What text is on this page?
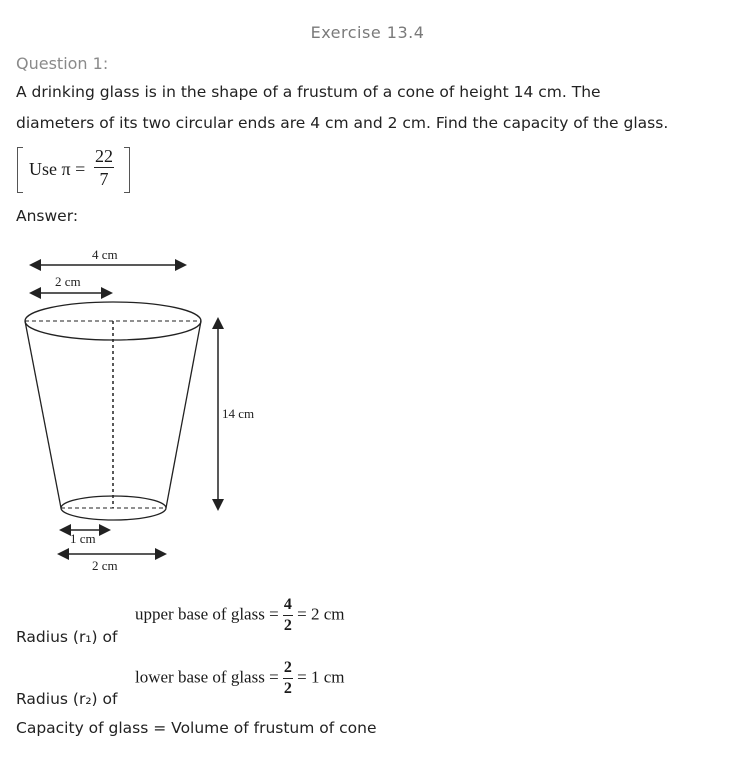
Exercise 13.4
Question 1:
A drinking glass is in the shape of a frustum of a cone of height 14 cm. The
diameters of its two circular ends are 4 cm and 2 cm. Find the capacity of the glass.
Use $\pi = \frac{22}{7}$
Answer:
4 cm
2 cm
14 cm
1 cm
2 cm
Radius (r₁) of
upper base of glass = $\frac{4}{2} = 2$ cm
Radius (r₂) of
lower base of glass = $\frac{2}{2} = 1$ cm
Capacity of glass = Volume of frustum of cone
